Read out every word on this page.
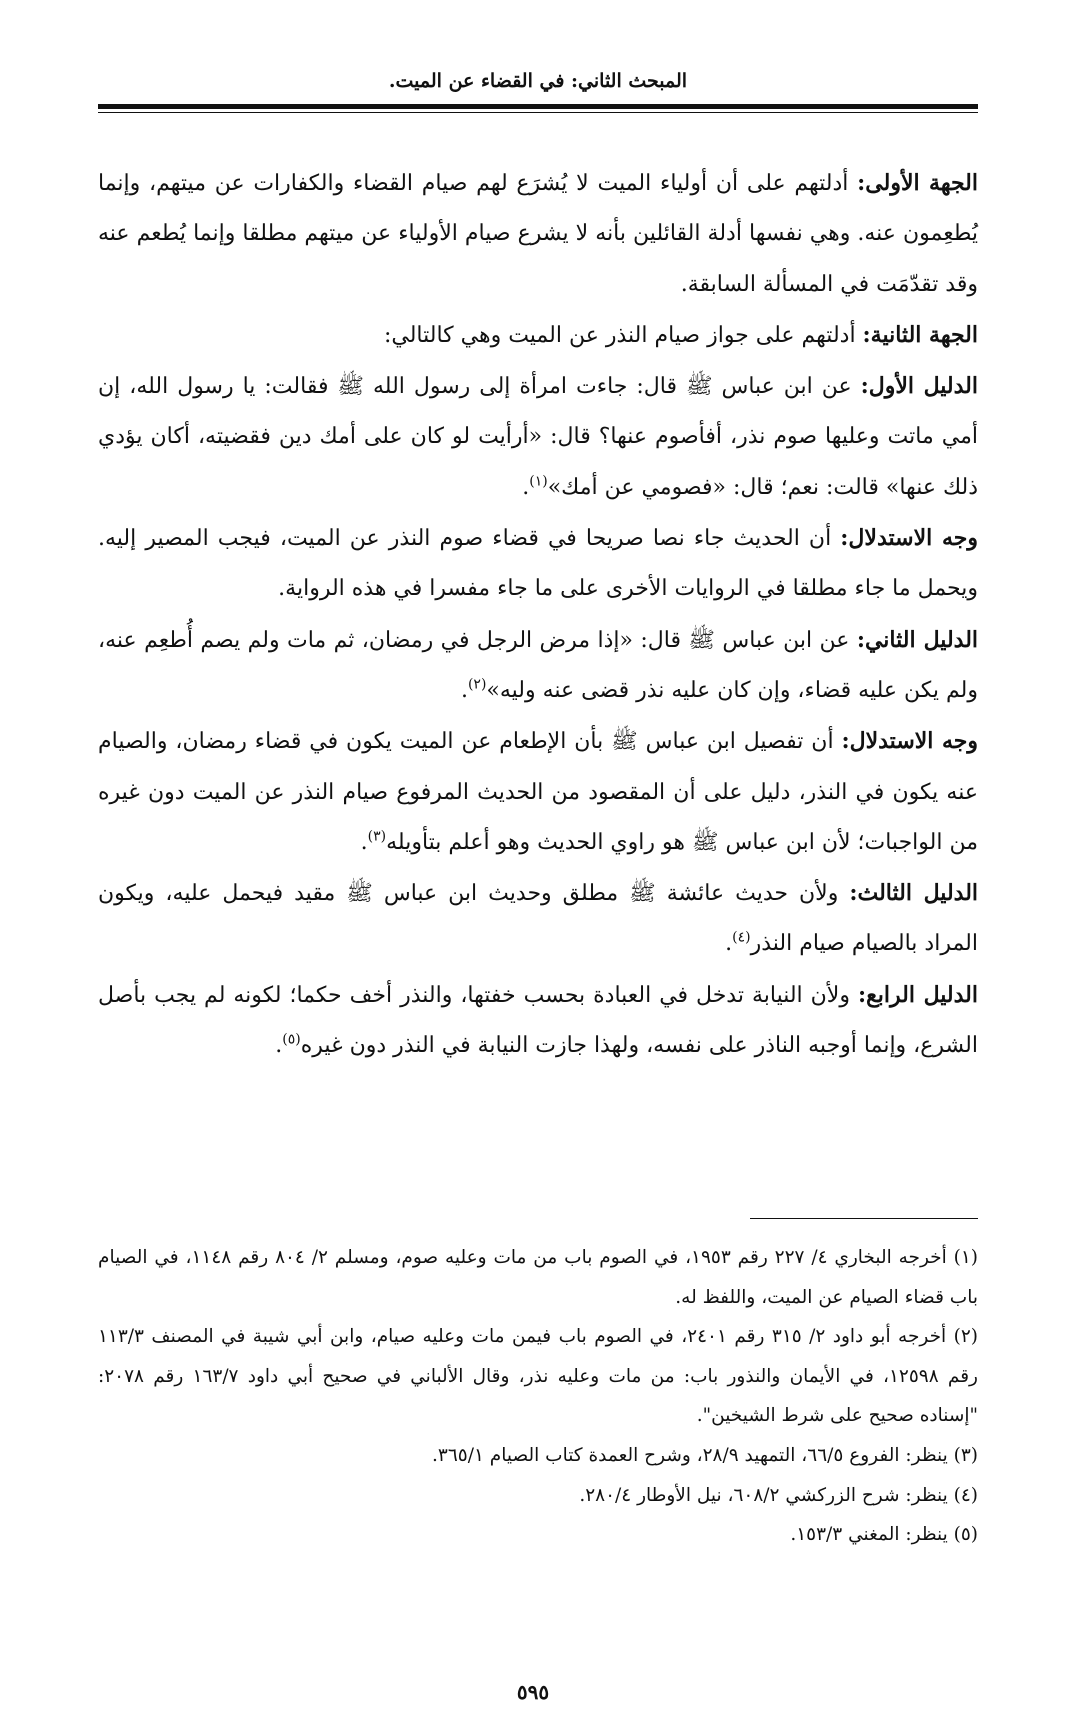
المبحث الثاني: في القضاء عن الميت.

الجهة الأولى: أدلتهم على أن أولياء الميت لا يُشرَع لهم صيام القضاء والكفارات عن ميتهم، وإنما يُطعِمون عنه. وهي نفسها أدلة القائلين بأنه لا يشرع صيام الأولياء عن ميتهم مطلقا وإنما يُطعم عنه وقد تقدّمَت في المسألة السابقة.

الجهة الثانية: أدلتهم على جواز صيام النذر عن الميت وهي كالتالي:

الدليل الأول: عن ابن عباس ﷺ قال: جاءت امرأة إلى رسول الله ﷺ فقالت: يا رسول الله، إن أمي ماتت وعليها صوم نذر، أفأصوم عنها؟ قال: «أرأيت لو كان على أمك دين فقضيته، أكان يؤدي ذلك عنها» قالت: نعم؛ قال: «فصومي عن أمك»$^{(١)}$.

وجه الاستدلال: أن الحديث جاء نصا صريحا في قضاء صوم النذر عن الميت، فيجب المصير إليه. ويحمل ما جاء مطلقا في الروايات الأخرى على ما جاء مفسرا في هذه الرواية.

الدليل الثاني: عن ابن عباس ﷺ قال: «إذا مرض الرجل في رمضان، ثم مات ولم يصم أُطعِم عنه، ولم يكن عليه قضاء، وإن كان عليه نذر قضى عنه وليه»$^{(٢)}$.

وجه الاستدلال: أن تفصيل ابن عباس ﷺ بأن الإطعام عن الميت يكون في قضاء رمضان، والصيام عنه يكون في النذر، دليل على أن المقصود من الحديث المرفوع صيام النذر عن الميت دون غيره من الواجبات؛ لأن ابن عباس ﷺ هو راوي الحديث وهو أعلم بتأويله$^{(٣)}$.

الدليل الثالث: ولأن حديث عائشة ﷺ مطلق وحديث ابن عباس ﷺ مقيد فيحمل عليه، ويكون المراد بالصيام صيام النذر$^{(٤)}$.

الدليل الرابع: ولأن النيابة تدخل في العبادة بحسب خفتها، والنذر أخف حكما؛ لكونه لم يجب بأصل الشرع، وإنما أوجبه الناذر على نفسه، ولهذا جازت النيابة في النذر دون غيره$^{(٥)}$.

(١) أخرجه البخاري ٤/ ٢٢٧ رقم ١٩٥٣، في الصوم باب من مات وعليه صوم، ومسلم ٢/ ٨٠٤ رقم ١١٤٨، في الصيام باب قضاء الصيام عن الميت، واللفظ له.

(٢) أخرجه أبو داود ٢/ ٣١٥ رقم ٢٤٠١، في الصوم باب فيمن مات وعليه صيام، وابن أبي شيبة في المصنف ١١٣/٣ رقم ١٢٥٩٨، في الأيمان والنذور باب: من مات وعليه نذر، وقال الألباني في صحيح أبي داود ١٦٣/٧ رقم ٢٠٧٨: "إسناده صحيح على شرط الشيخين".

(٣) ينظر: الفروع ٦٦/٥، التمهيد ٢٨/٩، وشرح العمدة كتاب الصيام ٣٦٥/١.

(٤) ينظر: شرح الزركشي ٦٠٨/٢، نيل الأوطار ٢٨٠/٤.

(٥) ينظر: المغني ١٥٣/٣.

٥٩٥
